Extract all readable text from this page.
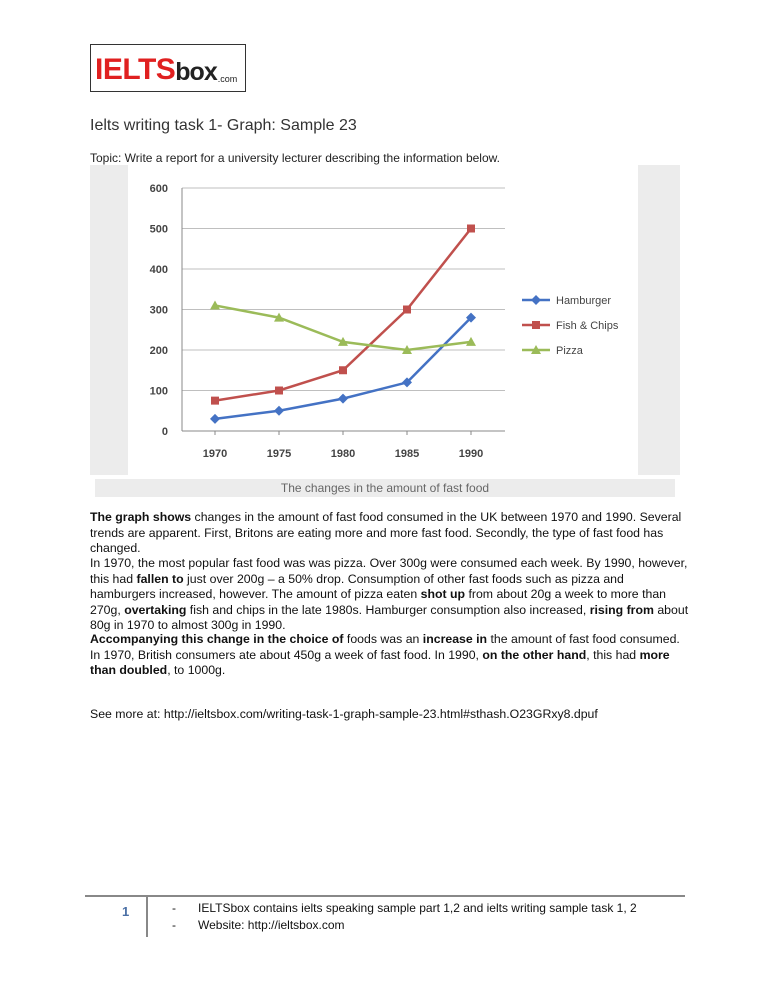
IELTS box .com
Ielts writing task 1- Graph: Sample 23
Topic: Write a report for a university lecturer describing the information below.
0
100
200
300
400
500
600
1970	1975	1980	1985	1990
Hamburger
Fish & Chips
Pizza
The changes in the amount of fast food

The graph shows changes in the amount of fast food consumed in the UK between 1970 and 1990. Several trends are apparent. First, Britons are eating more and more fast food. Secondly, the type of fast food has changed.

In 1970, the most popular fast food was was pizza. Over 300g were consumed each week. By 1990, however, this had fallen to just over 200g – a 50% drop. Consumption of other fast foods such as pizza and hamburgers increased, however. The amount of pizza eaten shot up from about 20g a week to more than 270g, overtaking fish and chips in the late 1980s. Hamburger consumption also increased, rising from about 80g in 1970 to almost 300g in 1990.

Accompanying this change in the choice of foods was an increase in the amount of fast food consumed. In 1970, British consumers ate about 450g a week of fast food. In 1990, on the other hand, this had more than doubled, to 1000g.

See more at: http://ieltsbox.com/writing-task-1-graph-sample-23.html#sthash.O23GRxy8.dpuf
1	- IELTSbox contains ielts speaking sample part 1,2 and ielts writing sample task 1, 2
- Website: http://ieltsbox.com
